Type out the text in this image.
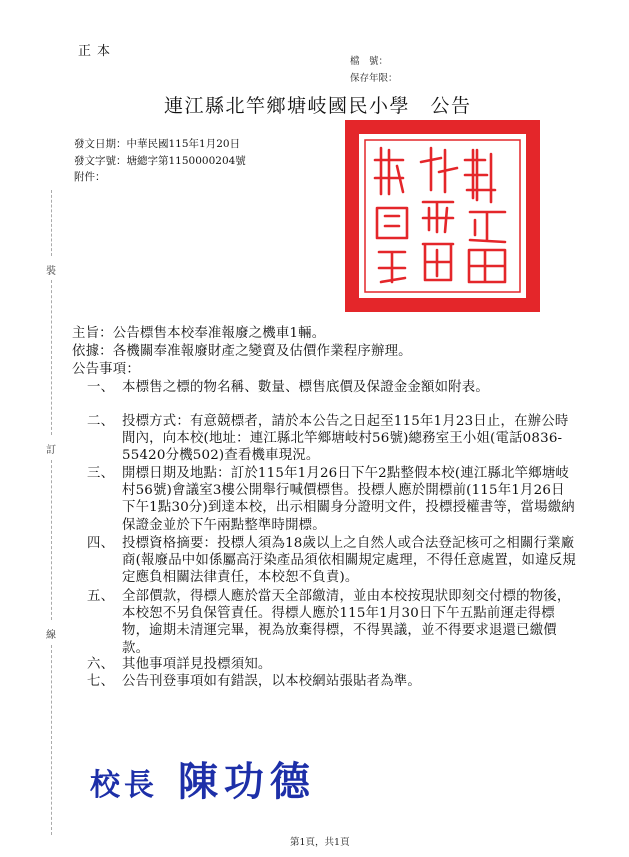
正本
檔　號：
保存年限：
連江縣北竿鄉塘岐國民小學　公告
發文日期：中華民國115年1月20日
發文字號：塘總字第1150000204號
附件：
裝
訂
線
主旨：公告標售本校奉准報廢之機車1輛。
依據：各機關奉准報廢財產之變賣及估價作業程序辦理。
公告事項：
一、 本標售之標的物名稱、數量、標售底價及保證金金額如附表。
二、 投標方式：有意競標者，請於本公告之日起至115年1月23日止，在辦公時間內，向本校(地址：連江縣北竿鄉塘岐村56號)總務室王小姐(電話0836-55420分機502)查看機車現況。
三、 開標日期及地點：訂於115年1月26日下午2點整假本校(連江縣北竿鄉塘岐村56號)會議室3樓公開舉行喊價標售。投標人應於開標前(115年1月26日下午1點30分)到達本校，出示相關身分證明文件，投標授權書等，當場繳納保證金並於下午兩點整準時開標。
四、 投標資格摘要：投標人須為18歲以上之自然人或合法登記核可之相關行業廠商(報廢品中如係屬高汙染產品須依相關規定處理，不得任意處置，如違反規定應負相關法律責任，本校恕不負責)。
五、 全部價款，得標人應於當天全部繳清，並由本校按現狀即刻交付標的物後，本校恕不另負保管責任。得標人應於115年1月30日下午五點前運走得標物，逾期未清運完畢，視為放棄得標，不得異議，並不得要求退還已繳價款。
六、 其他事項詳見投標須知。
七、 公告刊登事項如有錯誤，以本校網站張貼者為準。
校長 陳功德
第1頁，共1頁
